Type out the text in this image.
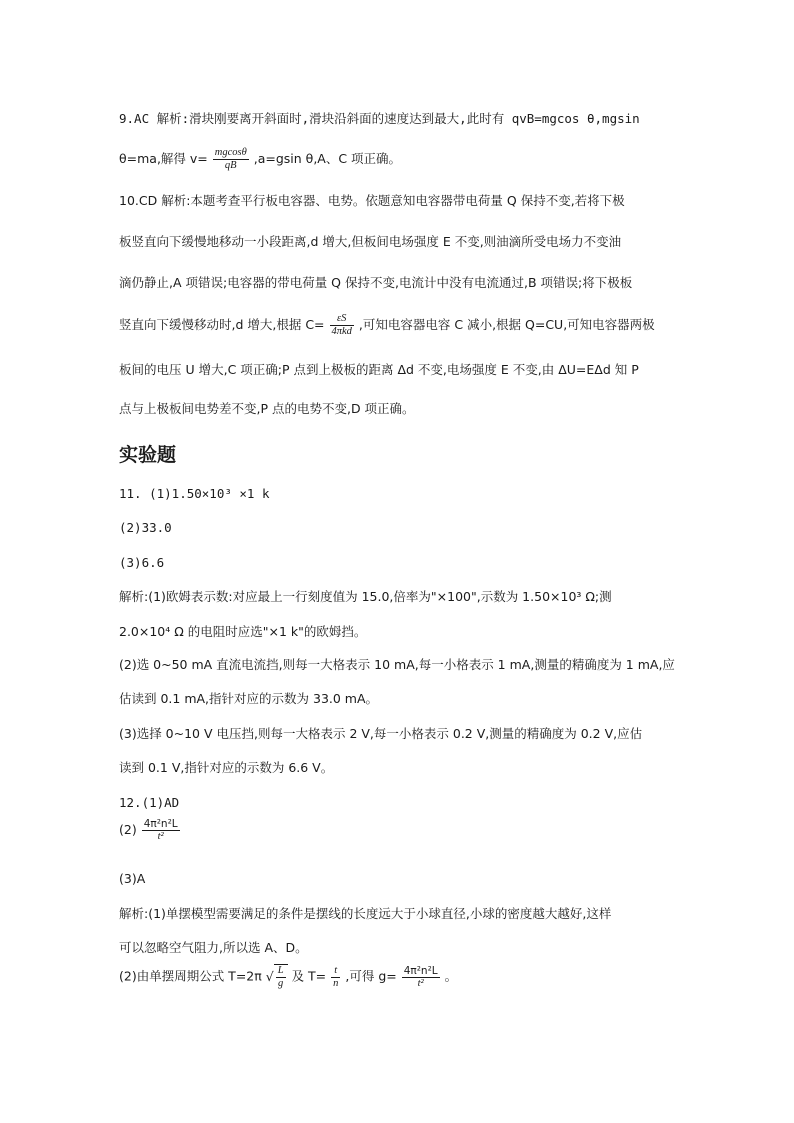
9.AC 解析:滑块刚要离开斜面时,滑块沿斜面的速度达到最大,此时有 qvB=mgcos θ,mgsin
θ=ma,解得 $v= \frac{mgcos\theta}{qB} ,a=gsin$ θ,A、C 项正确。
10.CD 解析:本题考查平行板电容器、电势。依题意知电容器带电荷量 Q 保持不变,若将下极
板竖直向下缓慢地移动一小段距离,d 增大,但板间电场强度 E 不变,则油滴所受电场力不变油
滴仍静止,A 项错误;电容器的带电荷量 Q 保持不变,电流计中没有电流通过,B 项错误;将下极板
竖直向下缓慢移动时,d 增大,根据 $C= \frac{\varepsilon S}{\text{4πkd}}$ ,可知电容器电容 C 减小,根据 Q=CU,可知电容器两极
板间的电压 U 增大,C 项正确;P 点到上极板的距离 Δd 不变,电场强度 E 不变,由 ΔU=EΔd 知 P
点与上极板间电势差不变,P 点的电势不变,D 项正确。
实验题
11. (1)1.50×10³ ×1 k
(2)33.0
(3)6.6
解析:(1)欧姆表示数:对应最上一行刻度值为 15.0,倍率为"×100",示数为 1.50×10³ Ω;测
2.0×10⁴ Ω 的电阻时应选"×1 k"的欧姆挡。
(2)选 0~50 mA 直流电流挡,则每一大格表示 10 mA,每一小格表示 1 mA,测量的精确度为 1 mA,应
估读到 0.1 mA,指针对应的示数为 33.0 mA。
(3)选择 0~10 V 电压挡,则每一大格表示 2 V,每一小格表示 0.2 V,测量的精确度为 0.2 V,应估
读到 0.1 V,指针对应的示数为 6.6 V。
12.(1)AD
$(2) \frac{\text{4π²n²L}}{\text{t²}}$
(3)A
解析:(1)单摆模型需要满足的条件是摆线的长度远大于小球直径,小球的密度越大越好,这样
可以忽略空气阻力,所以选 A、D。
(2)由单摆周期公式 T=2π √ $\frac{L}{g}$ 及 $T= \frac{t}{n}$ ,可得 $g= \frac{\text{4π²n²L}}{\text{t²}}$ 。
